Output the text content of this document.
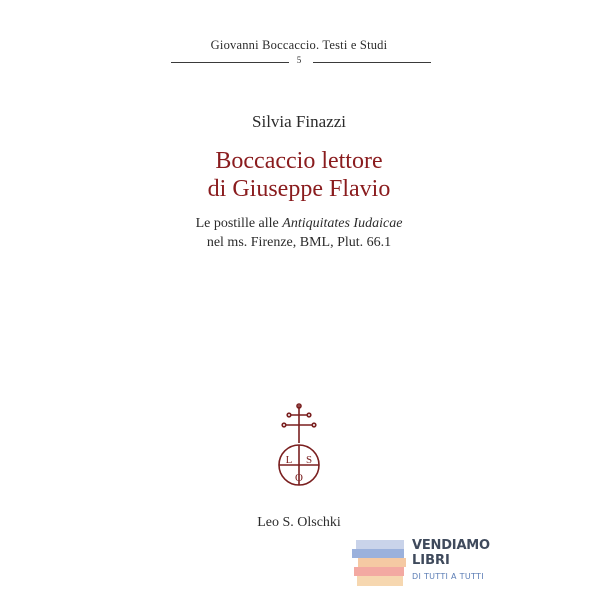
Giovanni Boccaccio. Testi e Studi
5
Silvia Finazzi
Boccaccio lettore
di Giuseppe Flavio
Le postille alle Antiquitates Iudaicae
nel ms. Firenze, BML, Plut. 66.1
L S
O
Leo S. Olschki
VENDIAMO
LIBRI
DI TUTTI A TUTTI
